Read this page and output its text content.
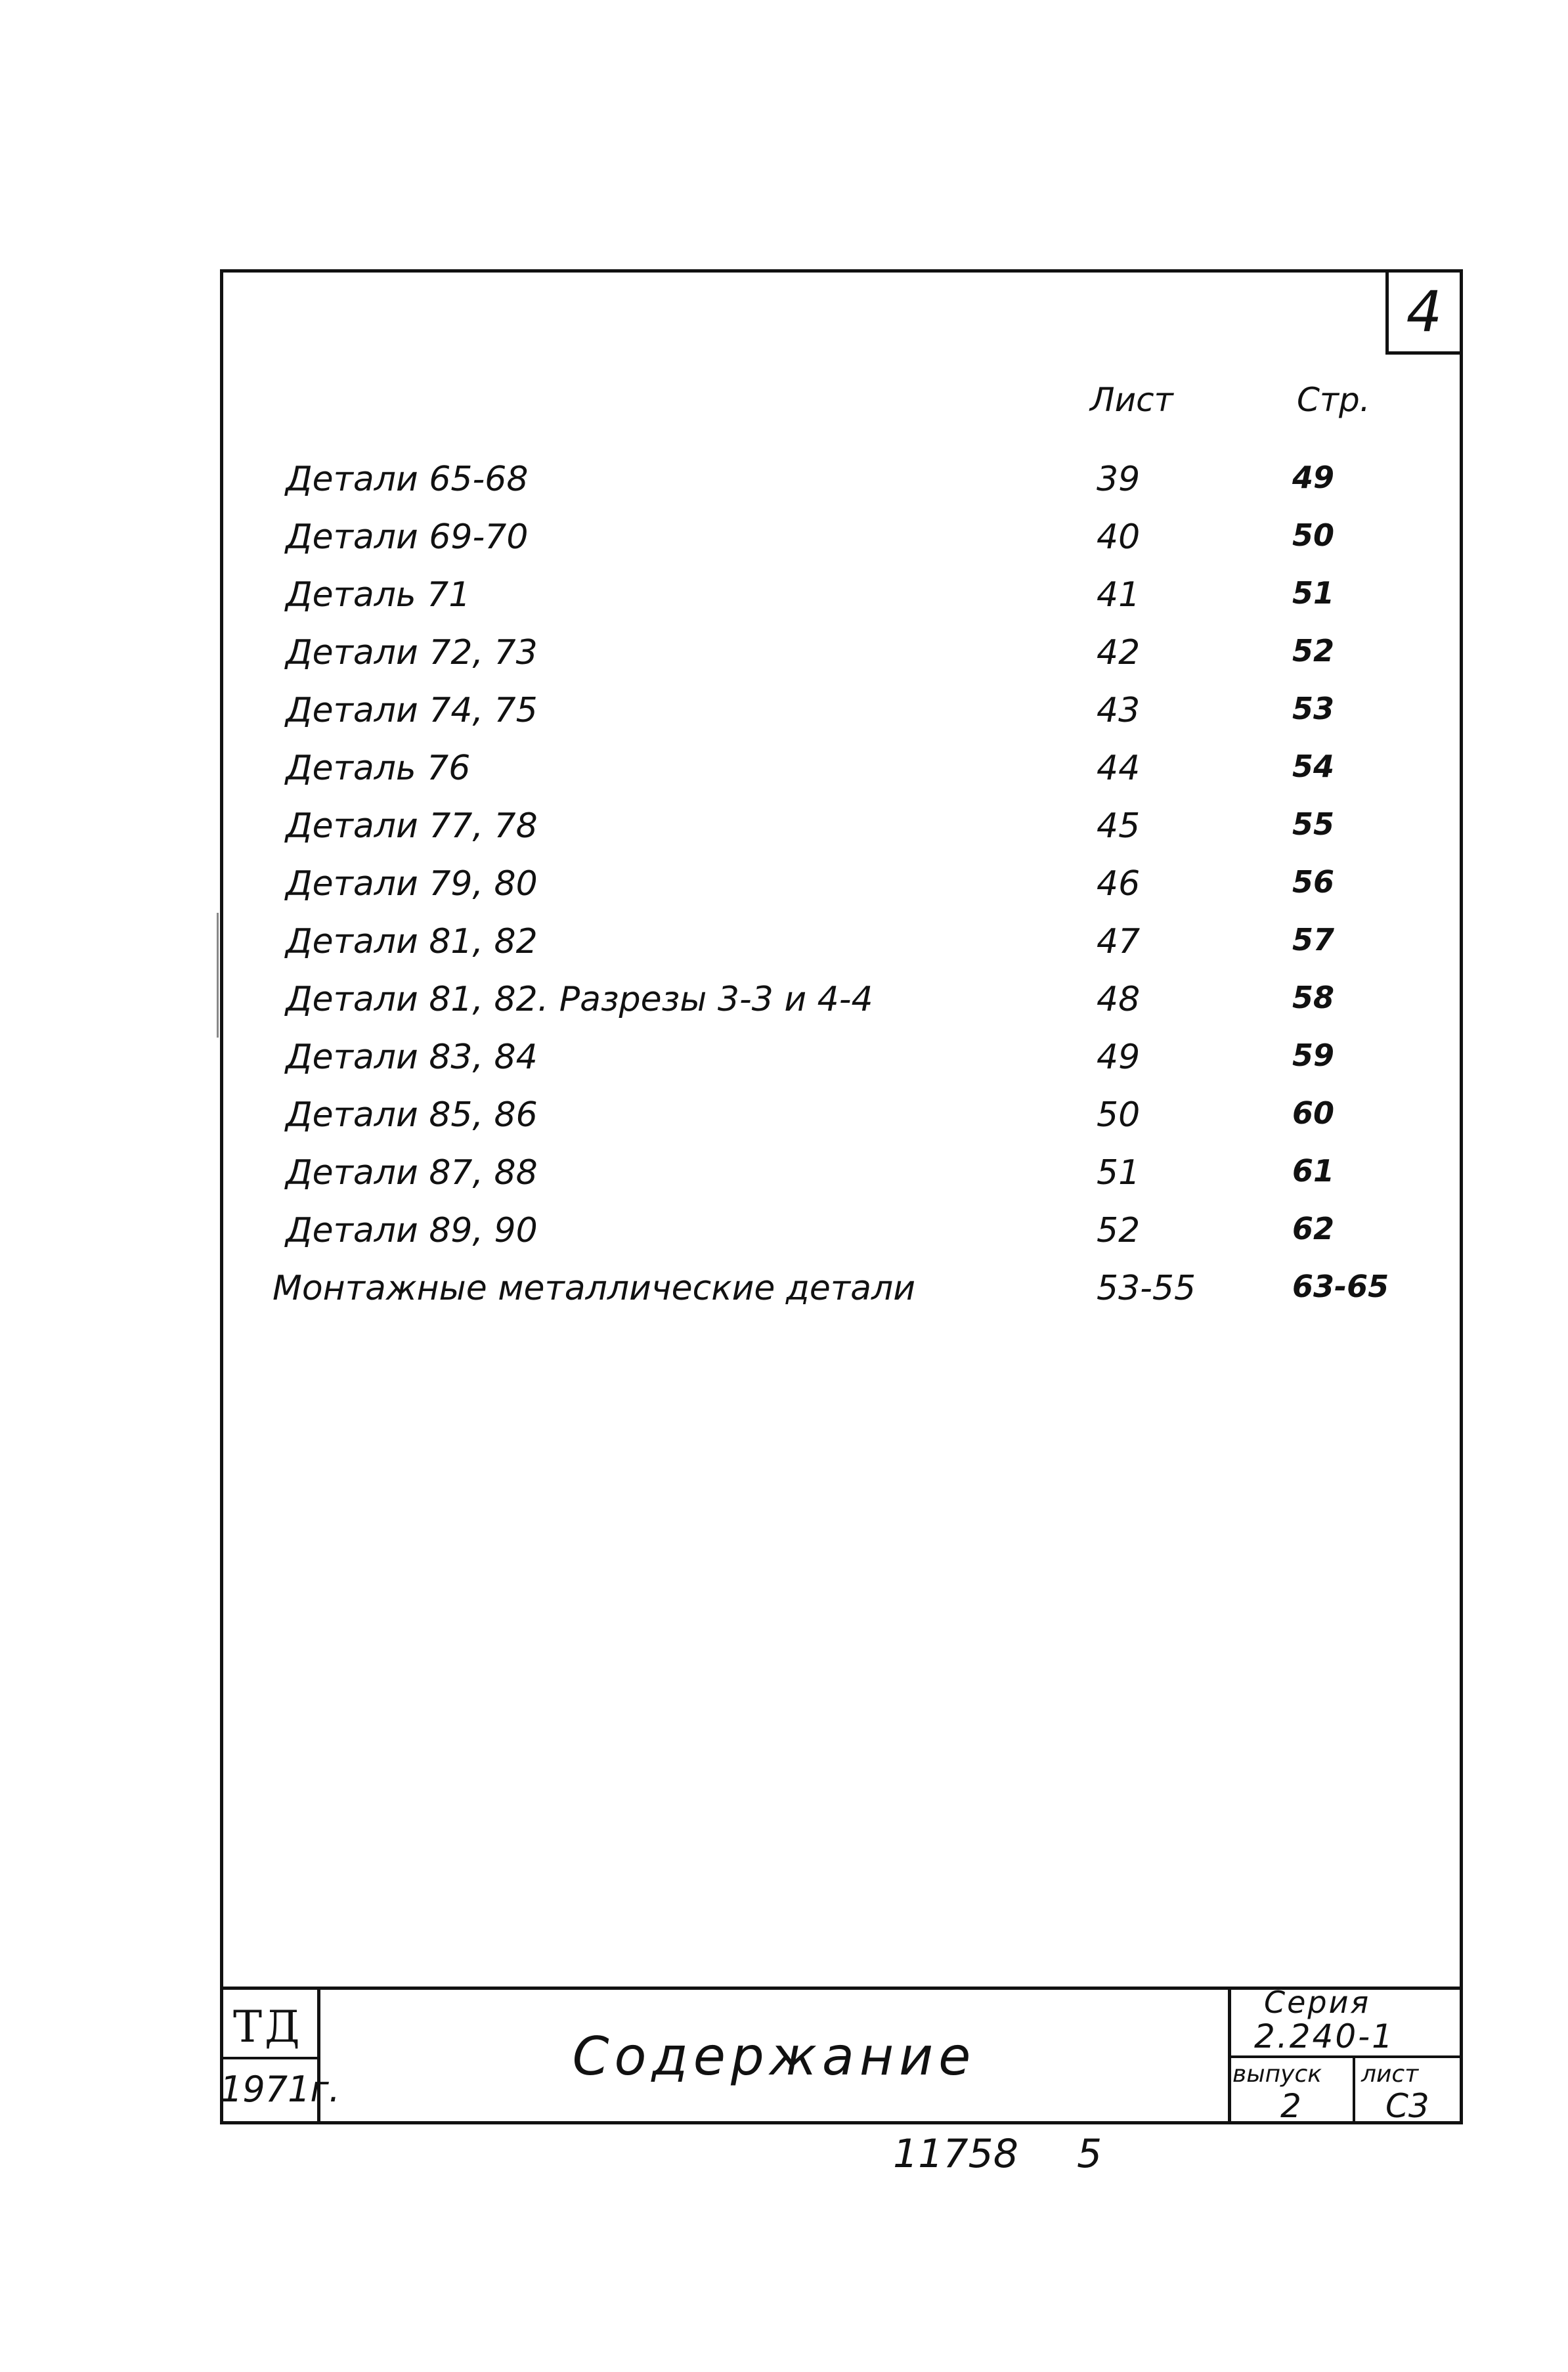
4
Лист	Стр.
Детали 65-68	39	49
Детали 69-70	40	50
Деталь 71	41	51
Детали 72, 73	42	52
Детали 74, 75	43	53
Деталь 76	44	54
Детали 77, 78	45	55
Детали 79, 80	46	56
Детали 81, 82	47	57
Детали 81, 82. Разрезы 3-3 и 4-4	48	58
Детали 83, 84	49	59
Детали 85, 86	50	60
Детали 87, 88	51	61
Детали 89, 90	52	62
Монтажные металлические детали	53-55	63-65
ТД
1971г.
Содержание
Серия
2.240-1
выпуск лист
2	С3
11758 5
